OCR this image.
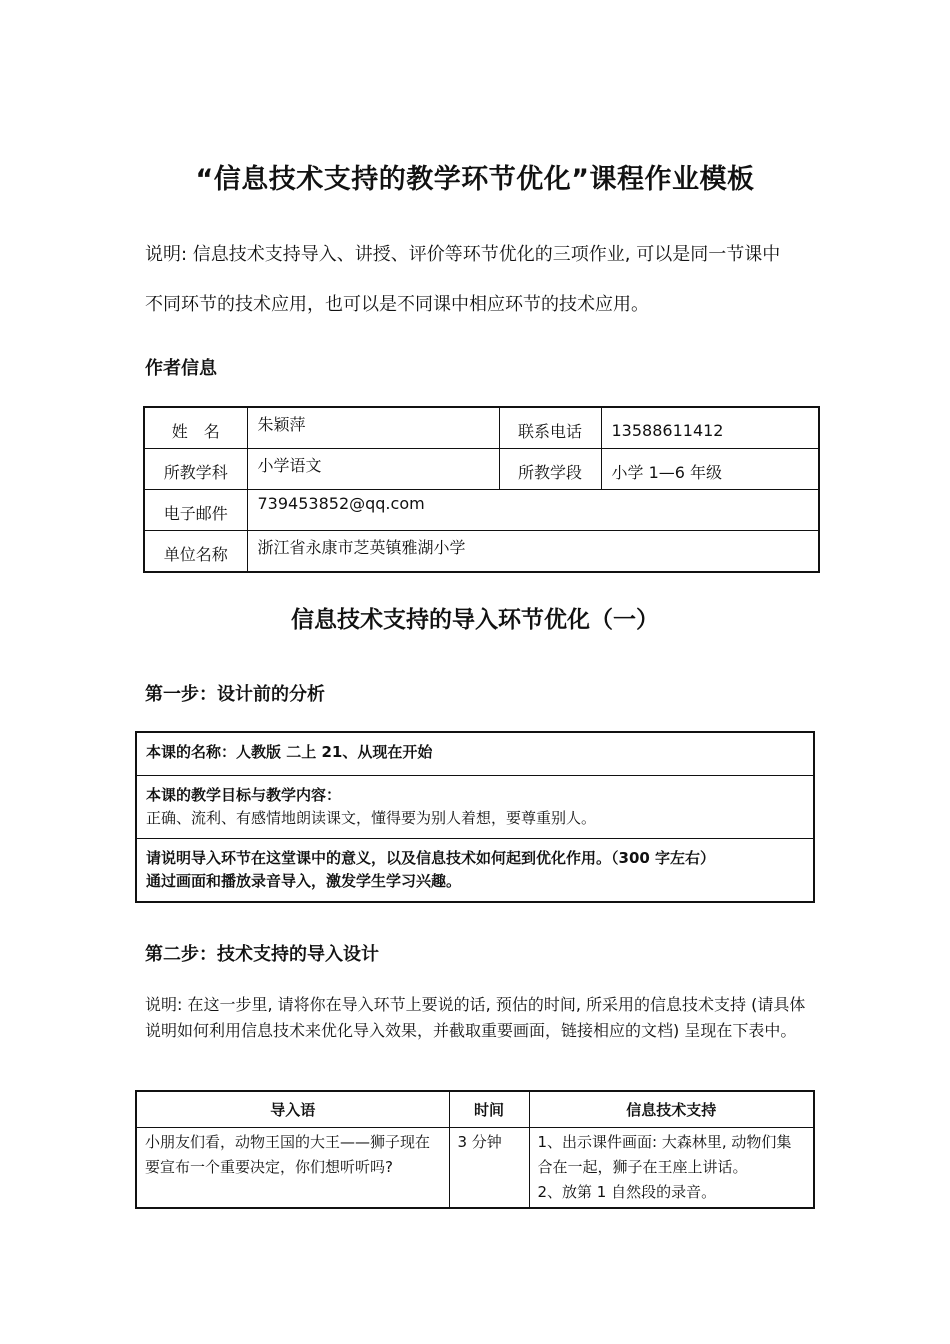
“信息技术支持的教学环节优化”课程作业模板
说明: 信息技术支持导入、讲授、评价等环节优化的三项作业, 可以是同一节课中
不同环节的技术应用，也可以是不同课中相应环节的技术应用。
作者信息
姓　名	朱颖萍	联系电话	13588611412
所教学科	小学语文	所教学段	小学 1—6 年级
电子邮件	739453852@qq.com		
单位名称	浙江省永康市芝英镇雅湖小学		
信息技术支持的导入环节优化（一）
第一步：设计前的分析
本课的名称：人教版 二上 21、从现在开始

本课的教学目标与教学内容：
正确、流利、有感情地朗读课文，懂得要为别人着想，要尊重别人。

请说明导入环节在这堂课中的意义，以及信息技术如何起到优化作用。（300 字左右）
通过画面和播放录音导入，激发学生学习兴趣。
第二步：技术支持的导入设计
说明: 在这一步里, 请将你在导入环节上要说的话, 预估的时间, 所采用的信息技术支持 (请具体说明如何利用信息技术来优化导入效果，并截取重要画面，链接相应的文档) 呈现在下表中。
导入语	时间	信息技术支持
小朋友们看，动物王国的大王——狮子现在要宣布一个重要决定，你们想听听吗?	3 分钟	1、出示课件画面: 大森林里, 动物们集合在一起，狮子在王座上讲话。
2、放第 1 自然段的录音。
